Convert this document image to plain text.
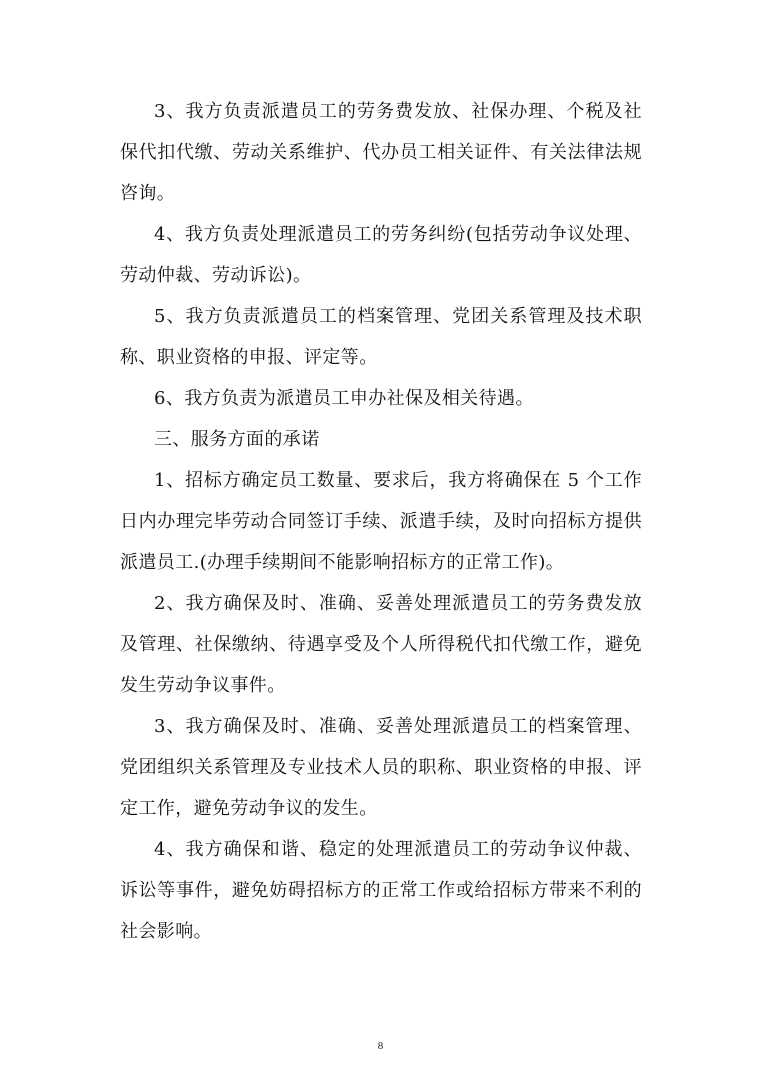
3、我方负责派遣员工的劳务费发放、社保办理、个税及社保代扣代缴、劳动关系维护、代办员工相关证件、有关法律法规咨询。

4、我方负责处理派遣员工的劳务纠纷(包括劳动争议处理、劳动仲裁、劳动诉讼)。

5、我方负责派遣员工的档案管理、党团关系管理及技术职称、职业资格的申报、评定等。

6、我方负责为派遣员工申办社保及相关待遇。

三、服务方面的承诺

1、招标方确定员工数量、要求后，我方将确保在 5 个工作日内办理完毕劳动合同签订手续、派遣手续，及时向招标方提供派遣员工.(办理手续期间不能影响招标方的正常工作)。

2、我方确保及时、准确、妥善处理派遣员工的劳务费发放及管理、社保缴纳、待遇享受及个人所得税代扣代缴工作，避免发生劳动争议事件。

3、我方确保及时、准确、妥善处理派遣员工的档案管理、党团组织关系管理及专业技术人员的职称、职业资格的申报、评定工作，避免劳动争议的发生。

4、我方确保和谐、稳定的处理派遣员工的劳动争议仲裁、诉讼等事件，避免妨碍招标方的正常工作或给招标方带来不利的社会影响。

8
